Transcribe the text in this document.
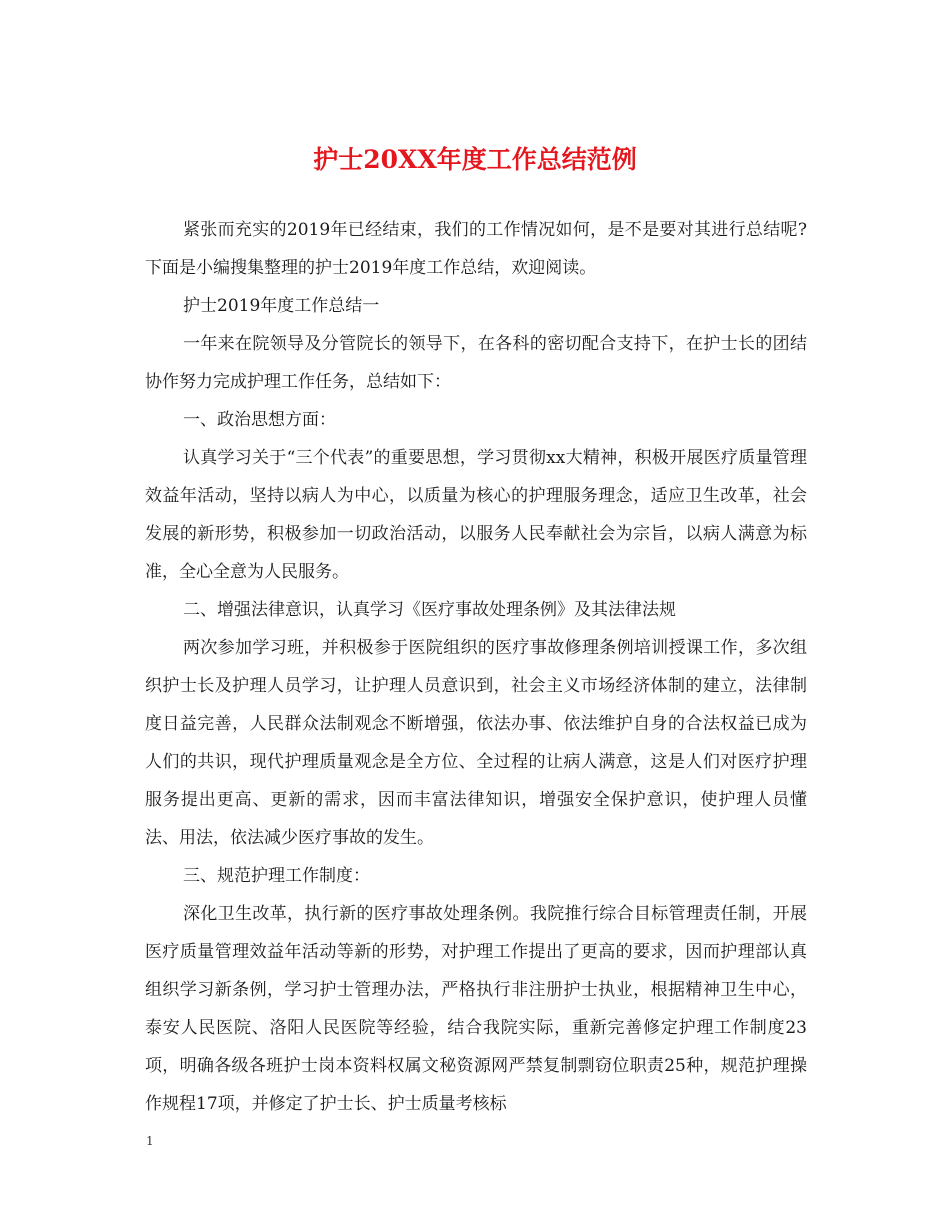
护士20XX年度工作总结范例

紧张而充实的2019年已经结束，我们的工作情况如何，是不是要对其进行总结呢?下面是小编搜集整理的护士2019年度工作总结，欢迎阅读。

护士2019年度工作总结一

一年来在院领导及分管院长的领导下，在各科的密切配合支持下，在护士长的团结协作努力完成护理工作任务，总结如下：

一、政治思想方面：

认真学习关于“三个代表”的重要思想，学习贯彻xx大精神，积极开展医疗质量管理效益年活动，坚持以病人为中心，以质量为核心的护理服务理念，适应卫生改革，社会发展的新形势，积极参加一切政治活动，以服务人民奉献社会为宗旨，以病人满意为标准，全心全意为人民服务。

二、增强法律意识，认真学习《医疗事故处理条例》及其法律法规

两次参加学习班，并积极参于医院组织的医疗事故修理条例培训授课工作，多次组织护士长及护理人员学习，让护理人员意识到，社会主义市场经济体制的建立，法律制度日益完善，人民群众法制观念不断增强，依法办事、依法维护自身的合法权益已成为人们的共识，现代护理质量观念是全方位、全过程的让病人满意，这是人们对医疗护理服务提出更高、更新的需求，因而丰富法律知识，增强安全保护意识，使护理人员懂法、用法，依法减少医疗事故的发生。

三、规范护理工作制度：

深化卫生改革，执行新的医疗事故处理条例。我院推行综合目标管理责任制，开展医疗质量管理效益年活动等新的形势，对护理工作提出了更高的要求，因而护理部认真组织学习新条例，学习护士管理办法，严格执行非注册护士执业，根据精神卫生中心，泰安人民医院、洛阳人民医院等经验，结合我院实际，重新完善修定护理工作制度23项，明确各级各班护士岗本资料权属文秘资源网严禁复制剽窃位职责25种，规范护理操作规程17项，并修定了护士长、护士质量考核标

1
